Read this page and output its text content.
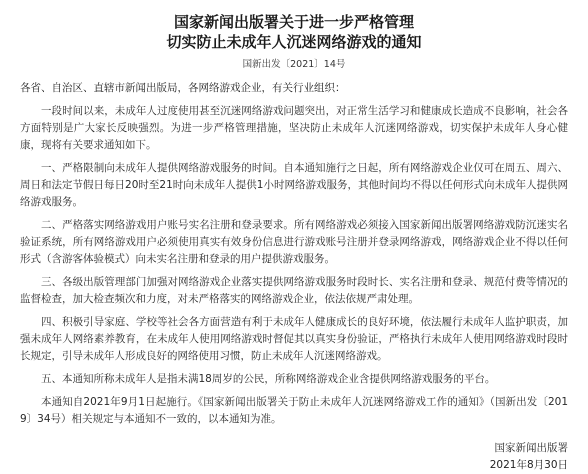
国家新闻出版署关于进一步严格管理
切实防止未成年人沉迷网络游戏的通知

国新出发〔2021〕14号

各省、自治区、直辖市新闻出版局，各网络游戏企业，有关行业组织：

一段时间以来，未成年人过度使用甚至沉迷网络游戏问题突出，对正常生活学习和健康成长造成不良影响，社会各方面特别是广大家长反映强烈。为进一步严格管理措施，坚决防止未成年人沉迷网络游戏，切实保护未成年人身心健康，现将有关要求通知如下。

一、严格限制向未成年人提供网络游戏服务的时间。自本通知施行之日起，所有网络游戏企业仅可在周五、周六、周日和法定节假日每日20时至21时向未成年人提供1小时网络游戏服务，其他时间均不得以任何形式向未成年人提供网络游戏服务。

二、严格落实网络游戏用户账号实名注册和登录要求。所有网络游戏必须接入国家新闻出版署网络游戏防沉迷实名验证系统，所有网络游戏用户必须使用真实有效身份信息进行游戏账号注册并登录网络游戏，网络游戏企业不得以任何形式（含游客体验模式）向未实名注册和登录的用户提供游戏服务。

三、各级出版管理部门加强对网络游戏企业落实提供网络游戏服务时段时长、实名注册和登录、规范付费等情况的监督检查，加大检查频次和力度，对未严格落实的网络游戏企业，依法依规严肃处理。

四、积极引导家庭、学校等社会各方面营造有利于未成年人健康成长的良好环境，依法履行未成年人监护职责，加强未成年人网络素养教育，在未成年人使用网络游戏时督促其以真实身份验证，严格执行未成年人使用网络游戏时段时长规定，引导未成年人形成良好的网络使用习惯，防止未成年人沉迷网络游戏。

五、本通知所称未成年人是指未满18周岁的公民，所称网络游戏企业含提供网络游戏服务的平台。

本通知自2021年9月1日起施行。《国家新闻出版署关于防止未成年人沉迷网络游戏工作的通知》（国新出发〔2019〕34号）相关规定与本通知不一致的，以本通知为准。

国家新闻出版署

2021年8月30日
